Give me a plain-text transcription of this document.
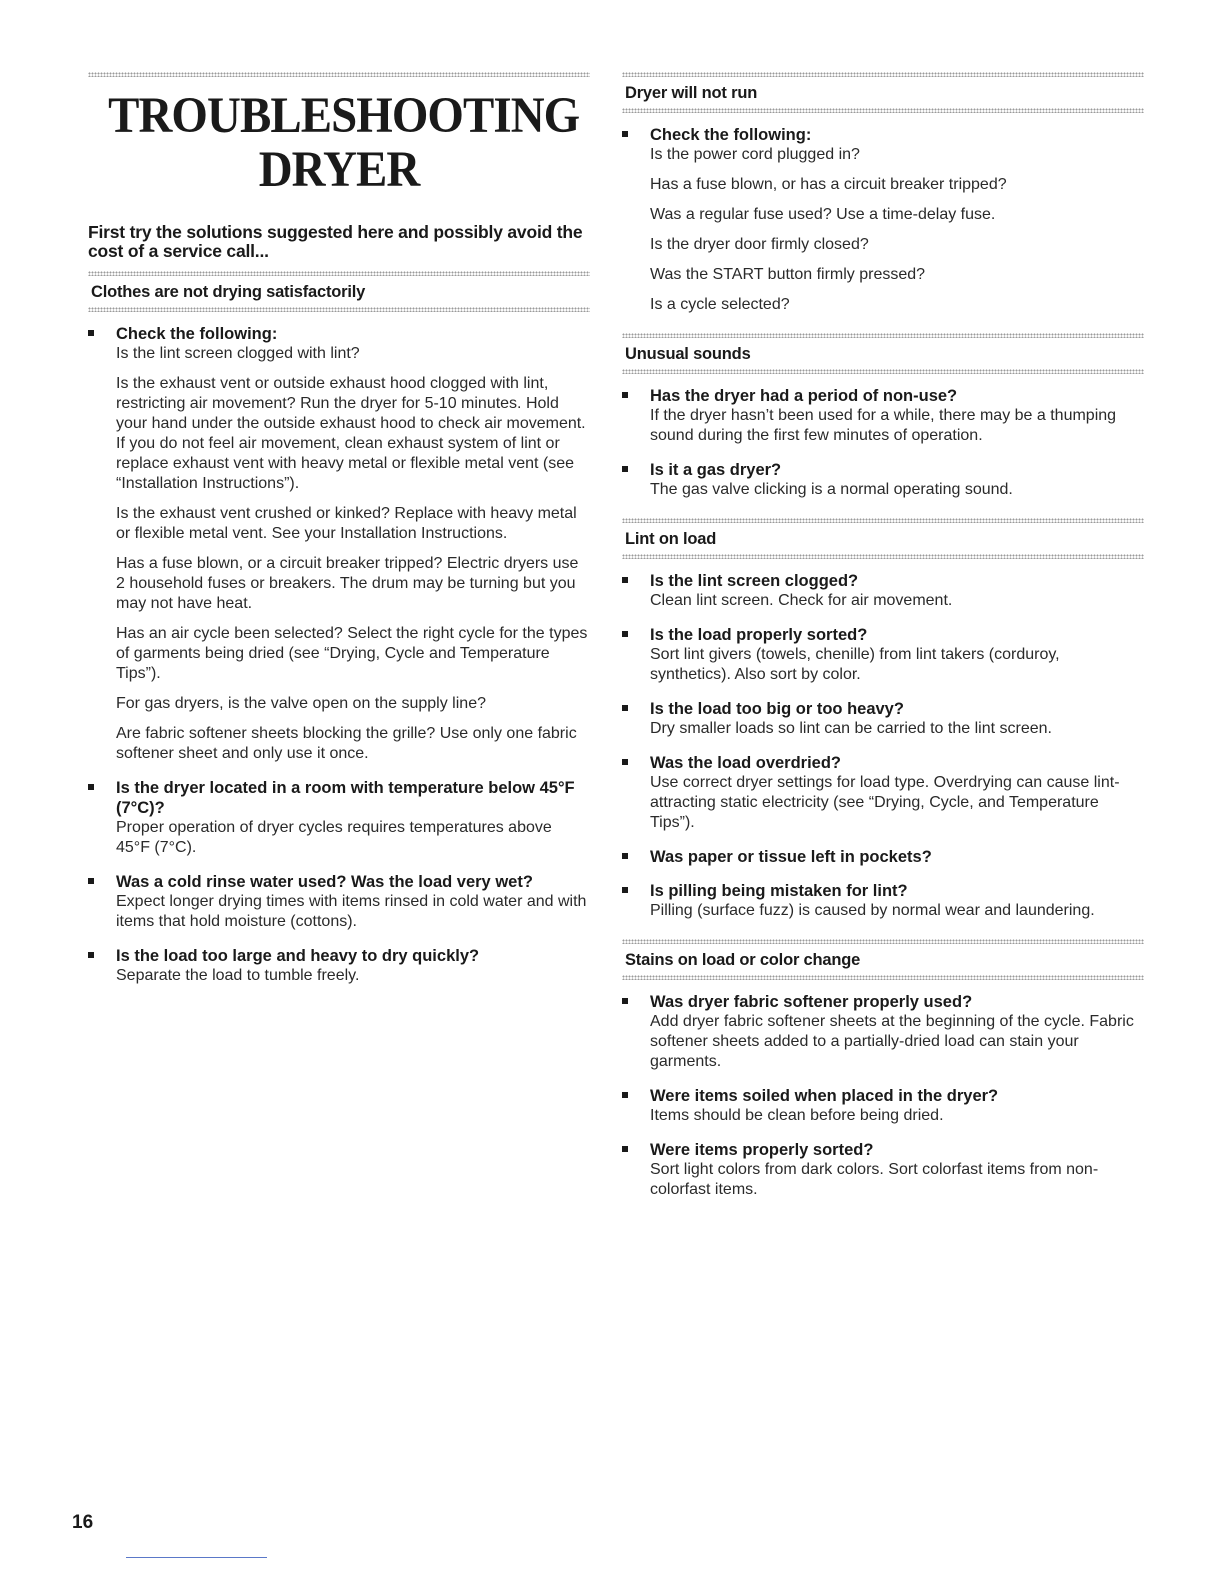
TROUBLESHOOTING
DRYER
First try the solutions suggested here and possibly avoid the cost of a service call...
Clothes are not drying satisfactorily
Check the following:
Is the lint screen clogged with lint?
Is the exhaust vent or outside exhaust hood clogged with lint, restricting air movement? Run the dryer for 5-10 minutes. Hold your hand under the outside exhaust hood to check air movement. If you do not feel air movement, clean exhaust system of lint or replace exhaust vent with heavy metal or flexible metal vent (see “Installation Instructions”).
Is the exhaust vent crushed or kinked? Replace with heavy metal or flexible metal vent. See your Installation Instructions.
Has a fuse blown, or a circuit breaker tripped? Electric dryers use 2 household fuses or breakers. The drum may be turning but you may not have heat.
Has an air cycle been selected? Select the right cycle for the types of garments being dried (see “Drying, Cycle and Temperature Tips”).
For gas dryers, is the valve open on the supply line?
Are fabric softener sheets blocking the grille? Use only one fabric softener sheet and only use it once.
Is the dryer located in a room with temperature below 45°F (7°C)?
Proper operation of dryer cycles requires temperatures above 45°F (7°C).
Was a cold rinse water used? Was the load very wet?
Expect longer drying times with items rinsed in cold water and with items that hold moisture (cottons).
Is the load too large and heavy to dry quickly?
Separate the load to tumble freely.
Dryer will not run
Check the following:
Is the power cord plugged in?
Has a fuse blown, or has a circuit breaker tripped?
Was a regular fuse used? Use a time-delay fuse.
Is the dryer door firmly closed?
Was the START button firmly pressed?
Is a cycle selected?
Unusual sounds
Has the dryer had a period of non-use?
If the dryer hasn’t been used for a while, there may be a thumping sound during the first few minutes of operation.
Is it a gas dryer?
The gas valve clicking is a normal operating sound.
Lint on load
Is the lint screen clogged?
Clean lint screen. Check for air movement.
Is the load properly sorted?
Sort lint givers (towels, chenille) from lint takers (corduroy, synthetics). Also sort by color.
Is the load too big or too heavy?
Dry smaller loads so lint can be carried to the lint screen.
Was the load overdried?
Use correct dryer settings for load type. Overdrying can cause lint-attracting static electricity (see “Drying, Cycle, and Temperature Tips”).
Was paper or tissue left in pockets?
Is pilling being mistaken for lint?
Pilling (surface fuzz) is caused by normal wear and laundering.
Stains on load or color change
Was dryer fabric softener properly used?
Add dryer fabric softener sheets at the beginning of the cycle. Fabric softener sheets added to a partially-dried load can stain your garments.
Were items soiled when placed in the dryer?
Items should be clean before being dried.
Were items properly sorted?
Sort light colors from dark colors. Sort colorfast items from non-colorfast items.
16
